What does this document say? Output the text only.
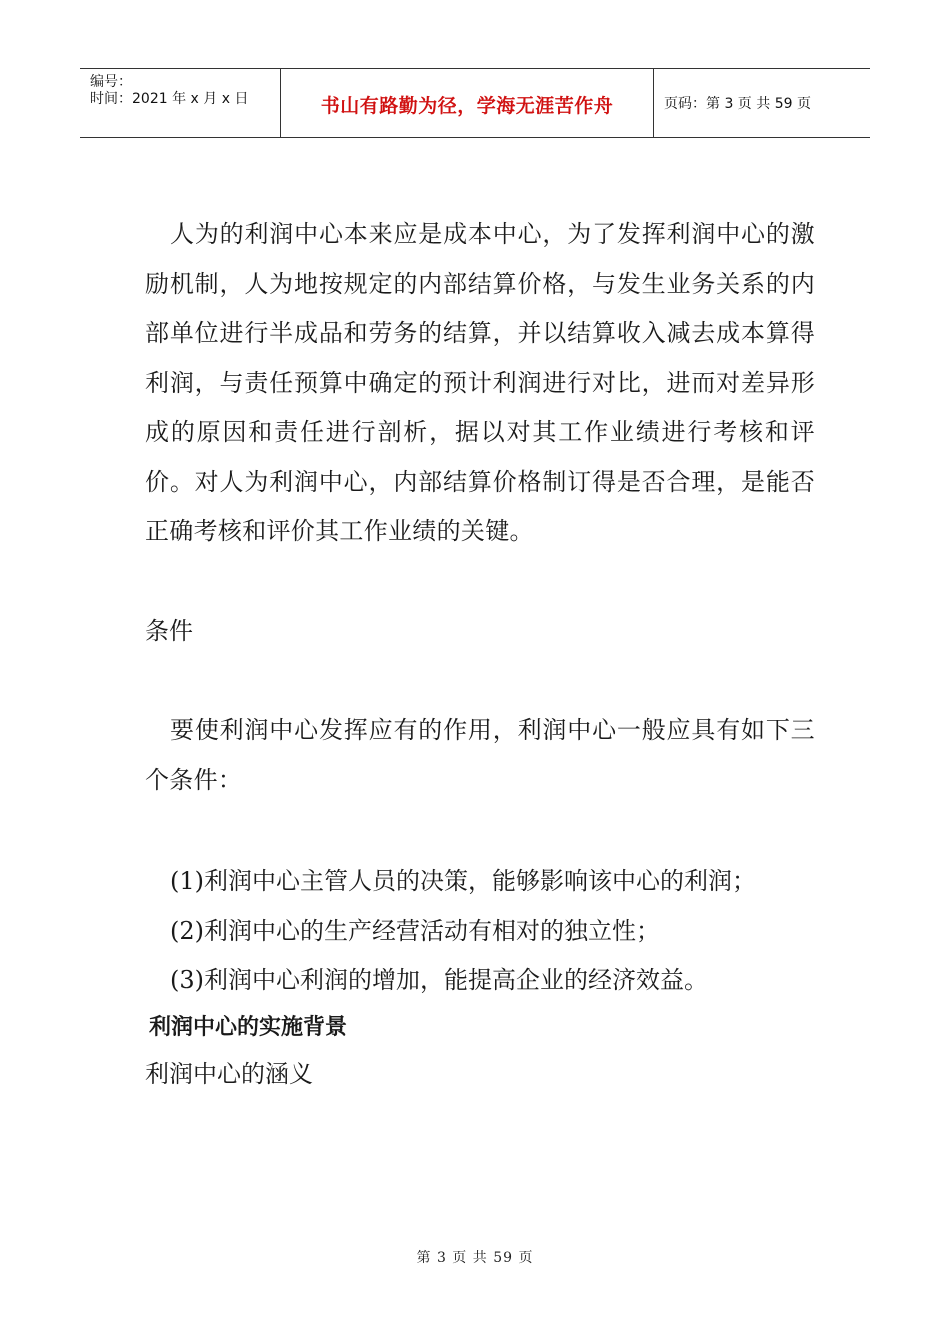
编号：
时间：2021 年 x 月 x 日	书山有路勤为径，学海无涯苦作舟	页码：第 3 页 共 59 页

人为的利润中心本来应是成本中心，为了发挥利润中心的激励机制，人为地按规定的内部结算价格，与发生业务关系的内部单位进行半成品和劳务的结算，并以结算收入减去成本算得利润，与责任预算中确定的预计利润进行对比，进而对差异形成的原因和责任进行剖析，据以对其工作业绩进行考核和评价。对人为利润中心，内部结算价格制订得是否合理，是能否正确考核和评价其工作业绩的关键。

条件

要使利润中心发挥应有的作用，利润中心一般应具有如下三个条件：

(1)利润中心主管人员的决策，能够影响该中心的利润；

(2)利润中心的生产经营活动有相对的独立性；

(3)利润中心利润的增加，能提高企业的经济效益。

利润中心的实施背景

利润中心的涵义

第 3 页 共 59 页
